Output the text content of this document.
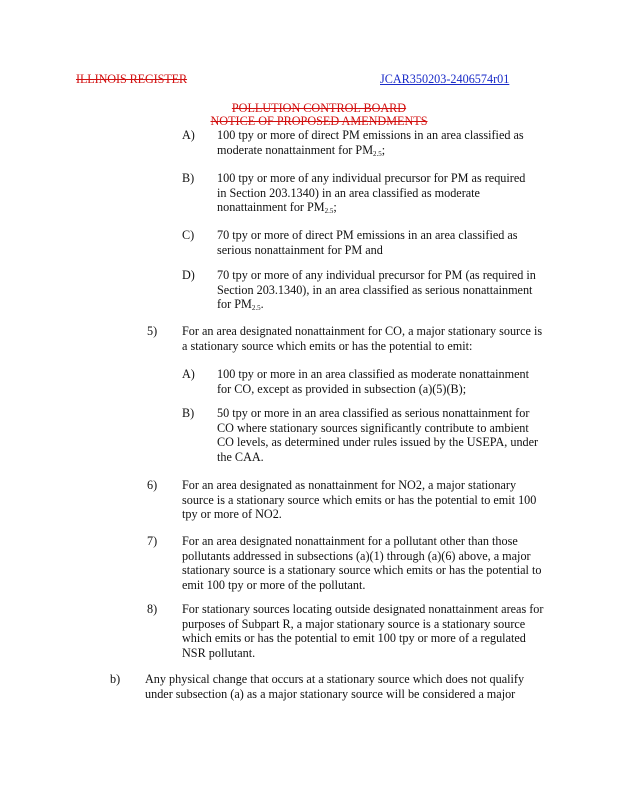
ILLINOIS REGISTER	JCAR350203-2406574r01
POLLUTION CONTROL BOARD
NOTICE OF PROPOSED AMENDMENTS
A) 100 tpy or more of direct PM emissions in an area classified as

moderate nonattainment for PM2.5;

B) 100 tpy or more of any individual precursor for PM as required

in Section 203.1340) in an area classified as moderate

nonattainment for PM2.5;

C) 70 tpy or more of direct PM emissions in an area classified as

serious nonattainment for PM and

D) 70 tpy or more of any individual precursor for PM (as required in

Section 203.1340), in an area classified as serious nonattainment

for PM2.5.

5) For an area designated nonattainment for CO, a major stationary source is

a stationary source which emits or has the potential to emit:

A) 100 tpy or more in an area classified as moderate nonattainment

for CO, except as provided in subsection (a)(5)(B);

B) 50 tpy or more in an area classified as serious nonattainment for

CO where stationary sources significantly contribute to ambient

CO levels, as determined under rules issued by the USEPA, under

the CAA.

6) For an area designated as nonattainment for NO2, a major stationary

source is a stationary source which emits or has the potential to emit 100

tpy or more of NO2.

7) For an area designated nonattainment for a pollutant other than those

pollutants addressed in subsections (a)(1) through (a)(6) above, a major

stationary source is a stationary source which emits or has the potential to

emit 100 tpy or more of the pollutant.

8) For stationary sources locating outside designated nonattainment areas for

purposes of Subpart R, a major stationary source is a stationary source

which emits or has the potential to emit 100 tpy or more of a regulated

NSR pollutant.

b) Any physical change that occurs at a stationary source which does not qualify

under subsection (a) as a major stationary source will be considered a major
